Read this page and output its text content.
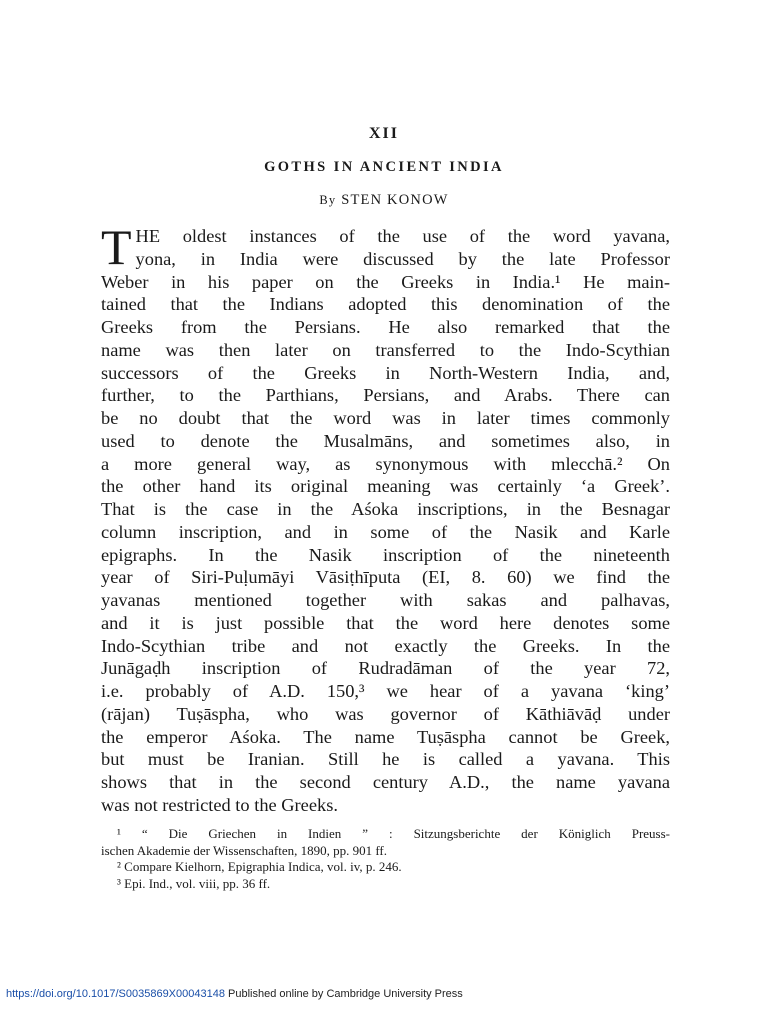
XII
GOTHS IN ANCIENT INDIA
By STEN KONOW
T HE oldest instances of the use of the word yavana,
yona, in India were discussed by the late Professor
Weber in his paper on the Greeks in India.¹ He main-
tained that the Indians adopted this denomination of the
Greeks from the Persians. He also remarked that the
name was then later on transferred to the Indo-Scythian
successors of the Greeks in North-Western India, and,
further, to the Parthians, Persians, and Arabs. There can
be no doubt that the word was in later times commonly
used to denote the Musalmāns, and sometimes also, in
a more general way, as synonymous with mlecchā.² On
the other hand its original meaning was certainly ‘a Greek’.
That is the case in the Aśoka inscriptions, in the Besnagar
column inscription, and in some of the Nasik and Karle
epigraphs. In the Nasik inscription of the nineteenth
year of Siri-Puḷumāyi Vāsiṭhīputa (EI, 8. 60) we find the
yavanas mentioned together with sakas and palhavas,
and it is just possible that the word here denotes some
Indo-Scythian tribe and not exactly the Greeks. In the
Junāgaḍh inscription of Rudradāman of the year 72,
i.e. probably of A.D. 150,³ we hear of a yavana ‘king’
(rājan) Tuṣāspha, who was governor of Kāthiāvāḍ under
the emperor Aśoka. The name Tuṣāspha cannot be Greek,
but must be Iranian. Still he is called a yavana. This
shows that in the second century A.D., the name yavana
was not restricted to the Greeks.
¹ “ Die Griechen in Indien ” : Sitzungsberichte der Königlich Preuss-
ischen Akademie der Wissenschaften, 1890, pp. 901 ff.
² Compare Kielhorn, Epigraphia Indica, vol. iv, p. 246.
³ Epi. Ind., vol. viii, pp. 36 ff.
https://doi.org/10.1017/S0035869X00043148 Published online by Cambridge University Press
